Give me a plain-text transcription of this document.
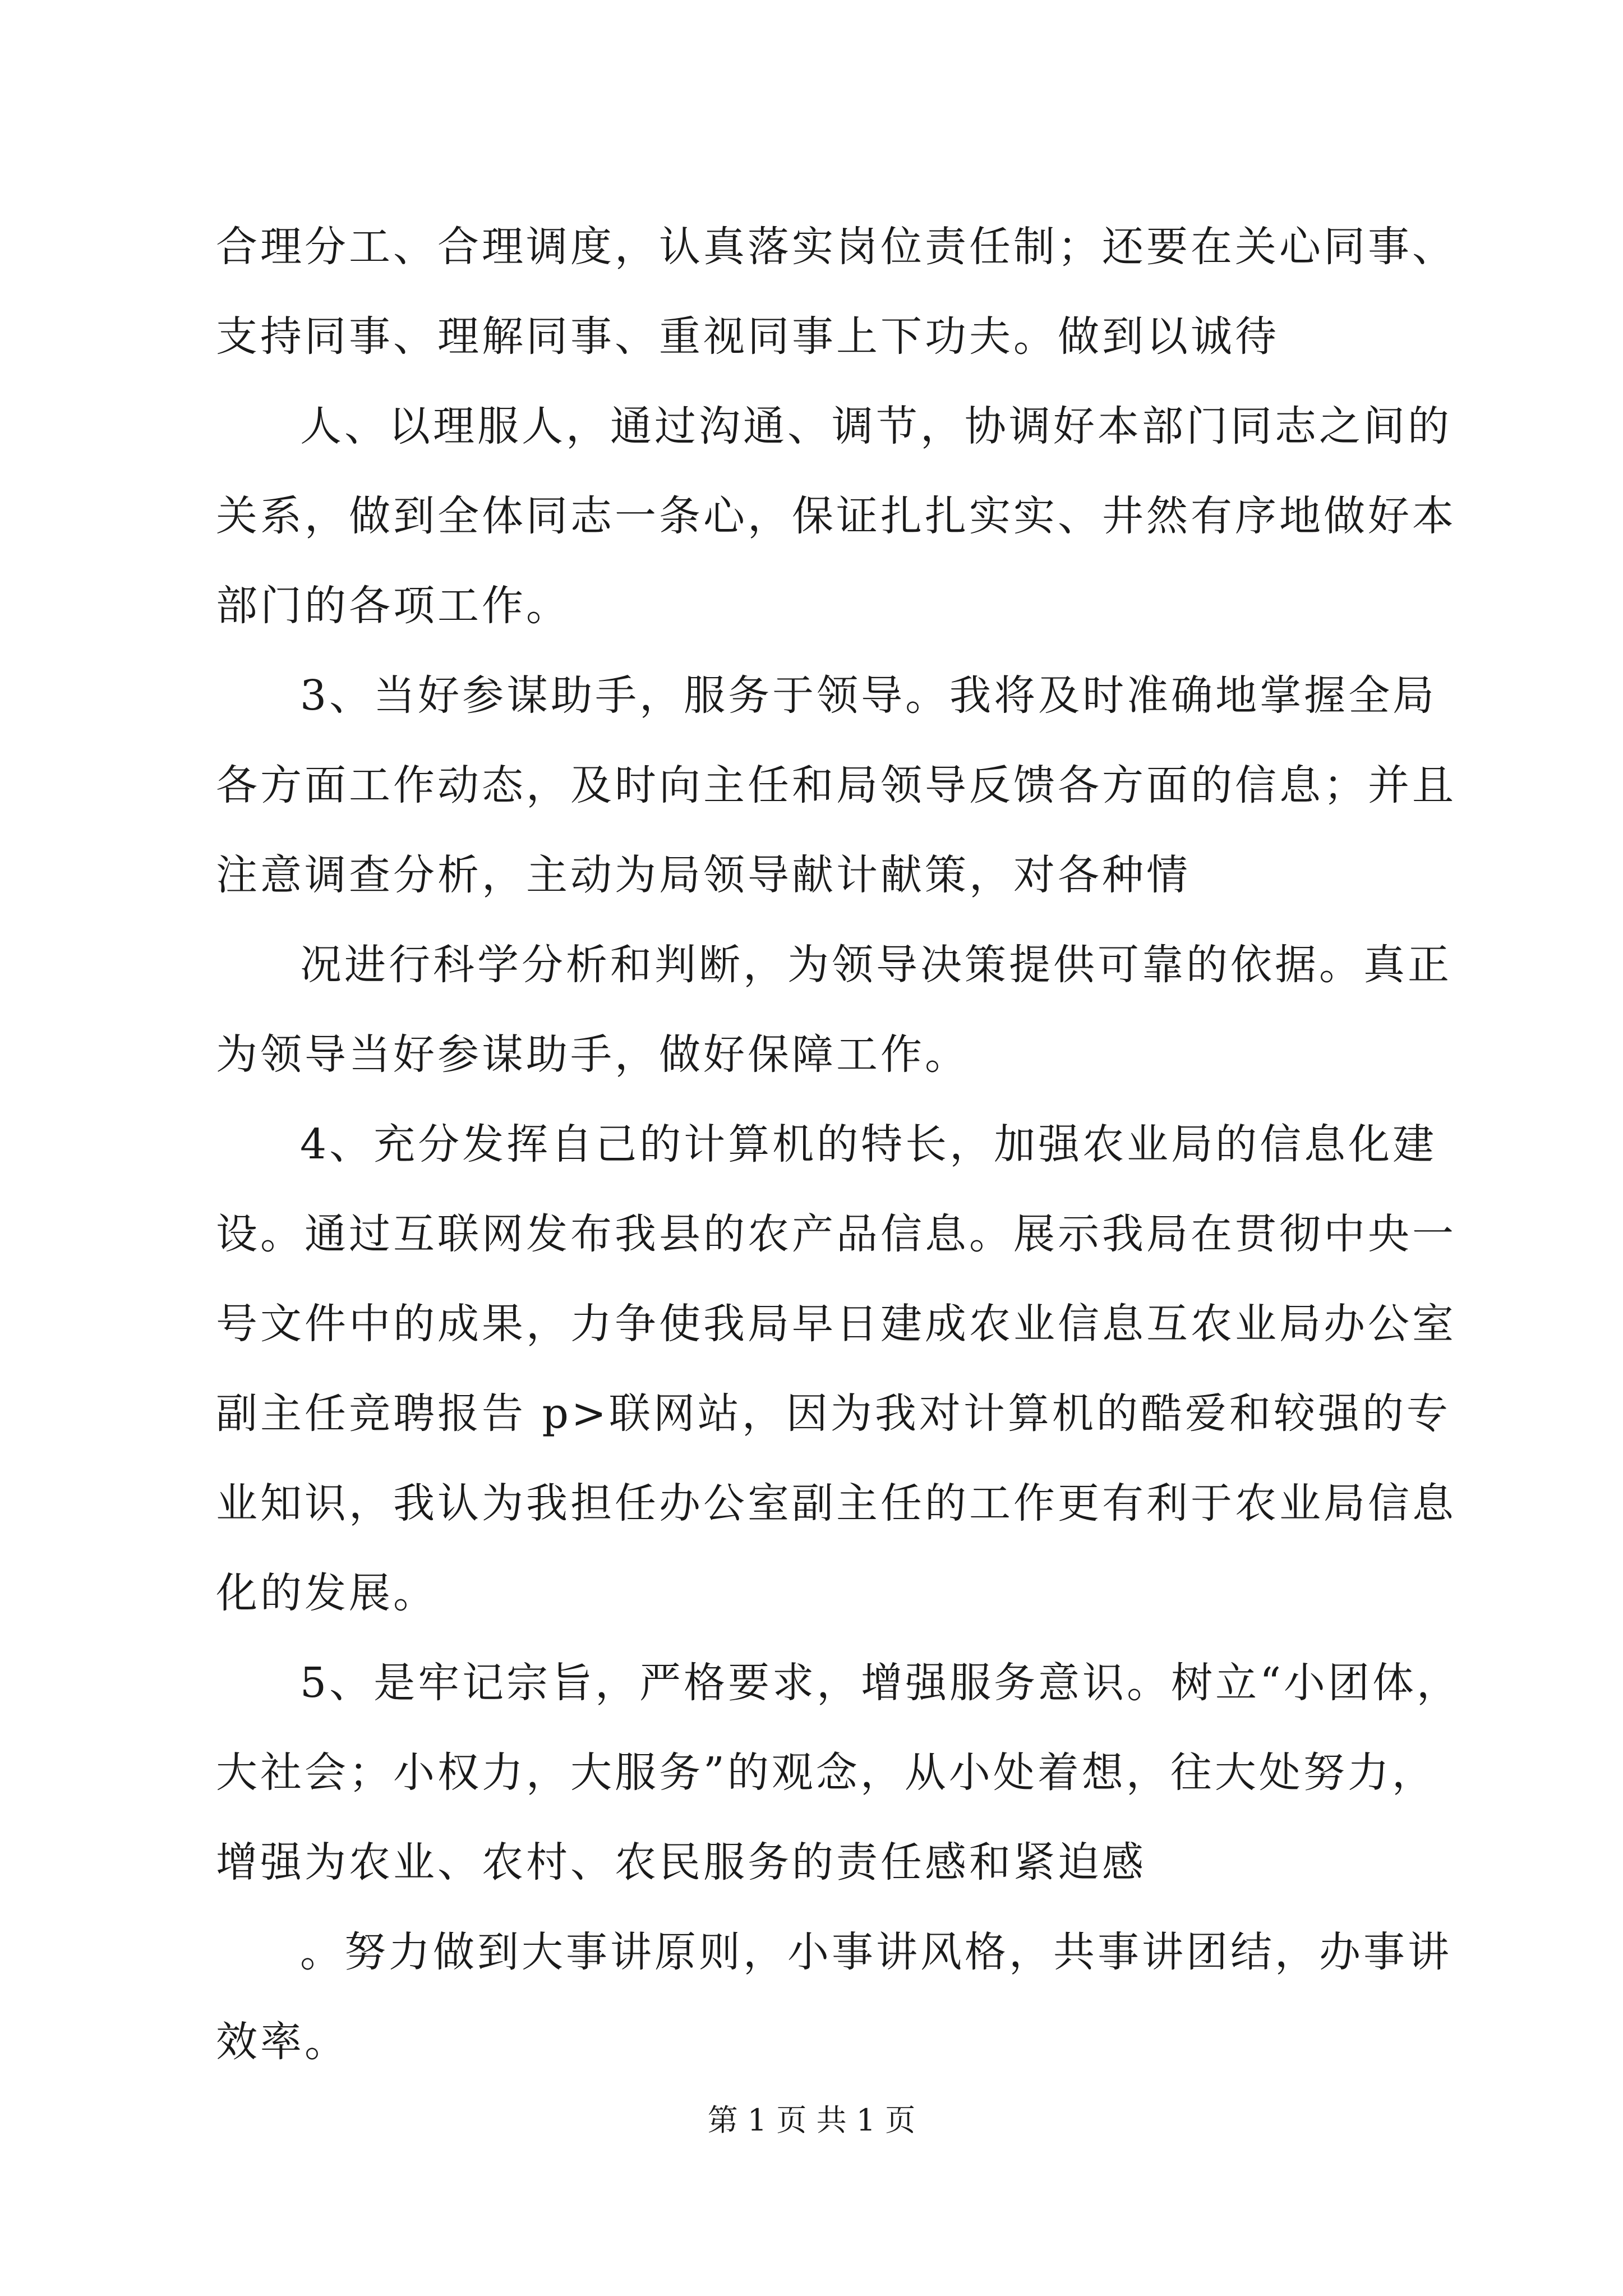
合理分工、合理调度，认真落实岗位责任制；还要在关心同事、
支持同事、理解同事、重视同事上下功夫。做到以诚待
人、以理服人，通过沟通、调节，协调好本部门同志之间的
关系，做到全体同志一条心，保证扎扎实实、井然有序地做好本
部门的各项工作。
3、当好参谋助手，服务于领导。我将及时准确地掌握全局
各方面工作动态，及时向主任和局领导反馈各方面的信息；并且
注意调查分析，主动为局领导献计献策，对各种情
况进行科学分析和判断，为领导决策提供可靠的依据。真正
为领导当好参谋助手，做好保障工作。
4、充分发挥自己的计算机的特长，加强农业局的信息化建
设。通过互联网发布我县的农产品信息。展示我局在贯彻中央一
号文件中的成果，力争使我局早日建成农业信息互农业局办公室
副主任竞聘报告 p>联网站，因为我对计算机的酷爱和较强的专
业知识，我认为我担任办公室副主任的工作更有利于农业局信息
化的发展。
5、是牢记宗旨，严格要求，增强服务意识。树立“小团体，
大社会；小权力，大服务”的观念，从小处着想，往大处努力，
增强为农业、农村、农民服务的责任感和紧迫感
。努力做到大事讲原则，小事讲风格，共事讲团结，办事讲
效率。
第 1 页 共 1 页
